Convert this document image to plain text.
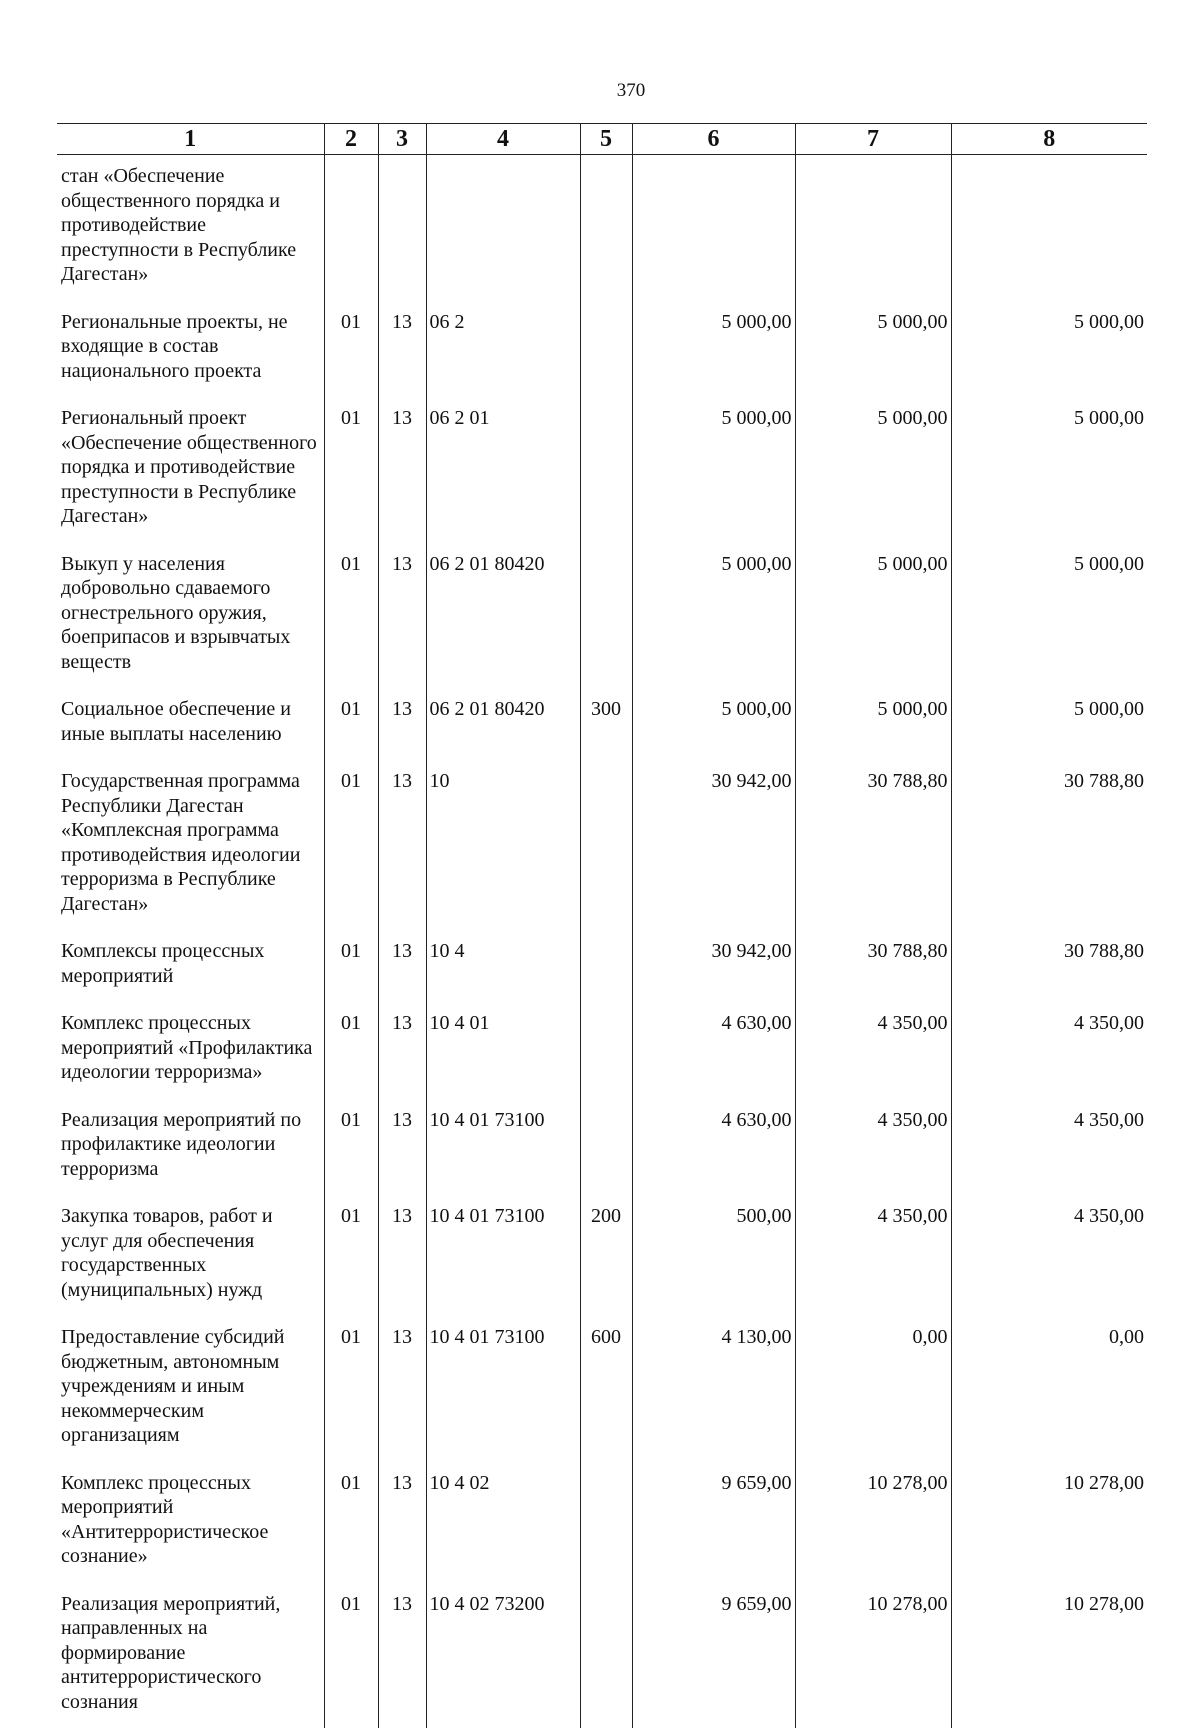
370
1	2	3	4	5	6	7	8
стан «Обеспечение общественного порядка и противодействие преступности в Республике Дагестан»							
Региональные проекты, не входящие в состав национального проекта	01	13	06 2		5 000,00	5 000,00	5 000,00
Региональный проект «Обеспечение общественного порядка и противодействие преступности в Республике Дагестан»	01	13	06 2 01		5 000,00	5 000,00	5 000,00
Выкуп у населения добровольно сдаваемого огнестрельного оружия, боеприпасов и взрывчатых веществ	01	13	06 2 01 80420		5 000,00	5 000,00	5 000,00
Социальное обеспечение и иные выплаты населению	01	13	06 2 01 80420	300	5 000,00	5 000,00	5 000,00
Государственная программа Республики Дагестан «Комплексная программа противодействия идеологии терроризма в Республике Дагестан»	01	13	10		30 942,00	30 788,80	30 788,80
Комплексы процессных мероприятий	01	13	10 4		30 942,00	30 788,80	30 788,80
Комплекс процессных мероприятий «Профилактика идеологии терроризма»	01	13	10 4 01		4 630,00	4 350,00	4 350,00
Реализация мероприятий по профилактике идеологии терроризма	01	13	10 4 01 73100		4 630,00	4 350,00	4 350,00
Закупка товаров, работ и услуг для обеспечения государственных (муниципальных) нужд	01	13	10 4 01 73100	200	500,00	4 350,00	4 350,00
Предоставление субсидий бюджетным, автономным учреждениям и иным некоммерческим организациям	01	13	10 4 01 73100	600	4 130,00	0,00	0,00
Комплекс процессных мероприятий «Антитеррористическое сознание»	01	13	10 4 02		9 659,00	10 278,00	10 278,00
Реализация мероприятий, направленных на формирование антитеррористического сознания	01	13	10 4 02 73200		9 659,00	10 278,00	10 278,00
